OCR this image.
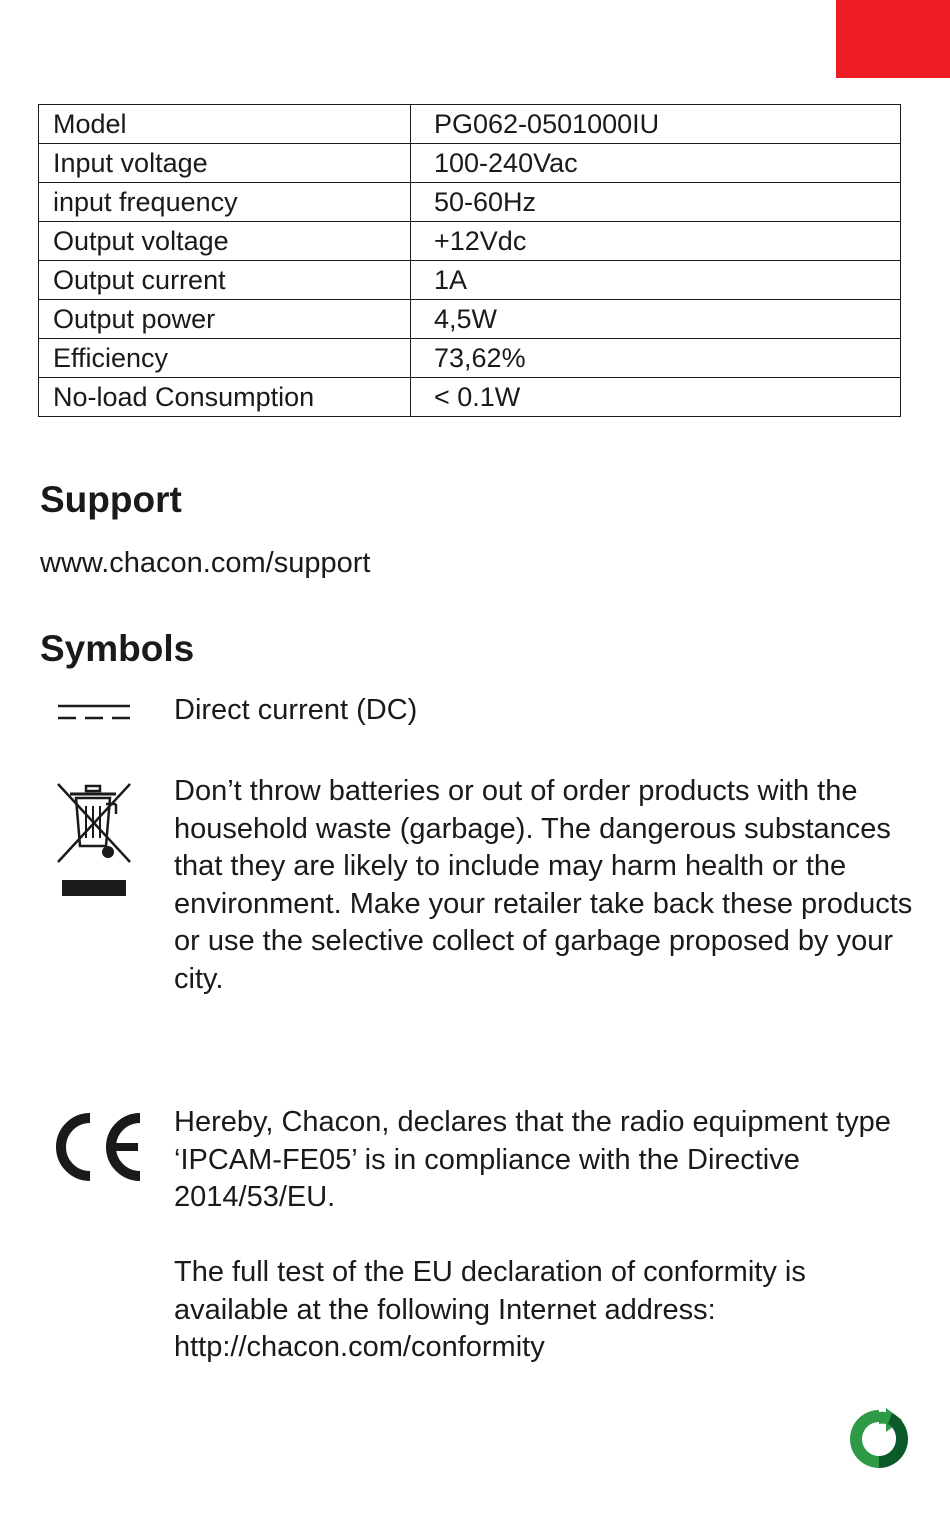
Model	PG062-0501000IU
Input voltage	100-240Vac
input frequency	50-60Hz
Output voltage	+12Vdc
Output current	1A
Output power	4,5W
Efficiency	73,62%
No-load Consumption	< 0.1W
Support

www.chacon.com/support

Symbols

Direct current (DC)

Don’t throw batteries or out of order products with the household waste (garbage). The dangerous substances that they are likely to include may harm health or the environment. Make your retailer take back these products or use the selective collect of garbage proposed by your city.

Hereby, Chacon, declares that the radio equipment type ‘IPCAM-FE05’ is in compliance with the Directive 2014/53/EU.

The full test of the EU declaration of conformity is available at the following Internet address: http://chacon.com/conformity
